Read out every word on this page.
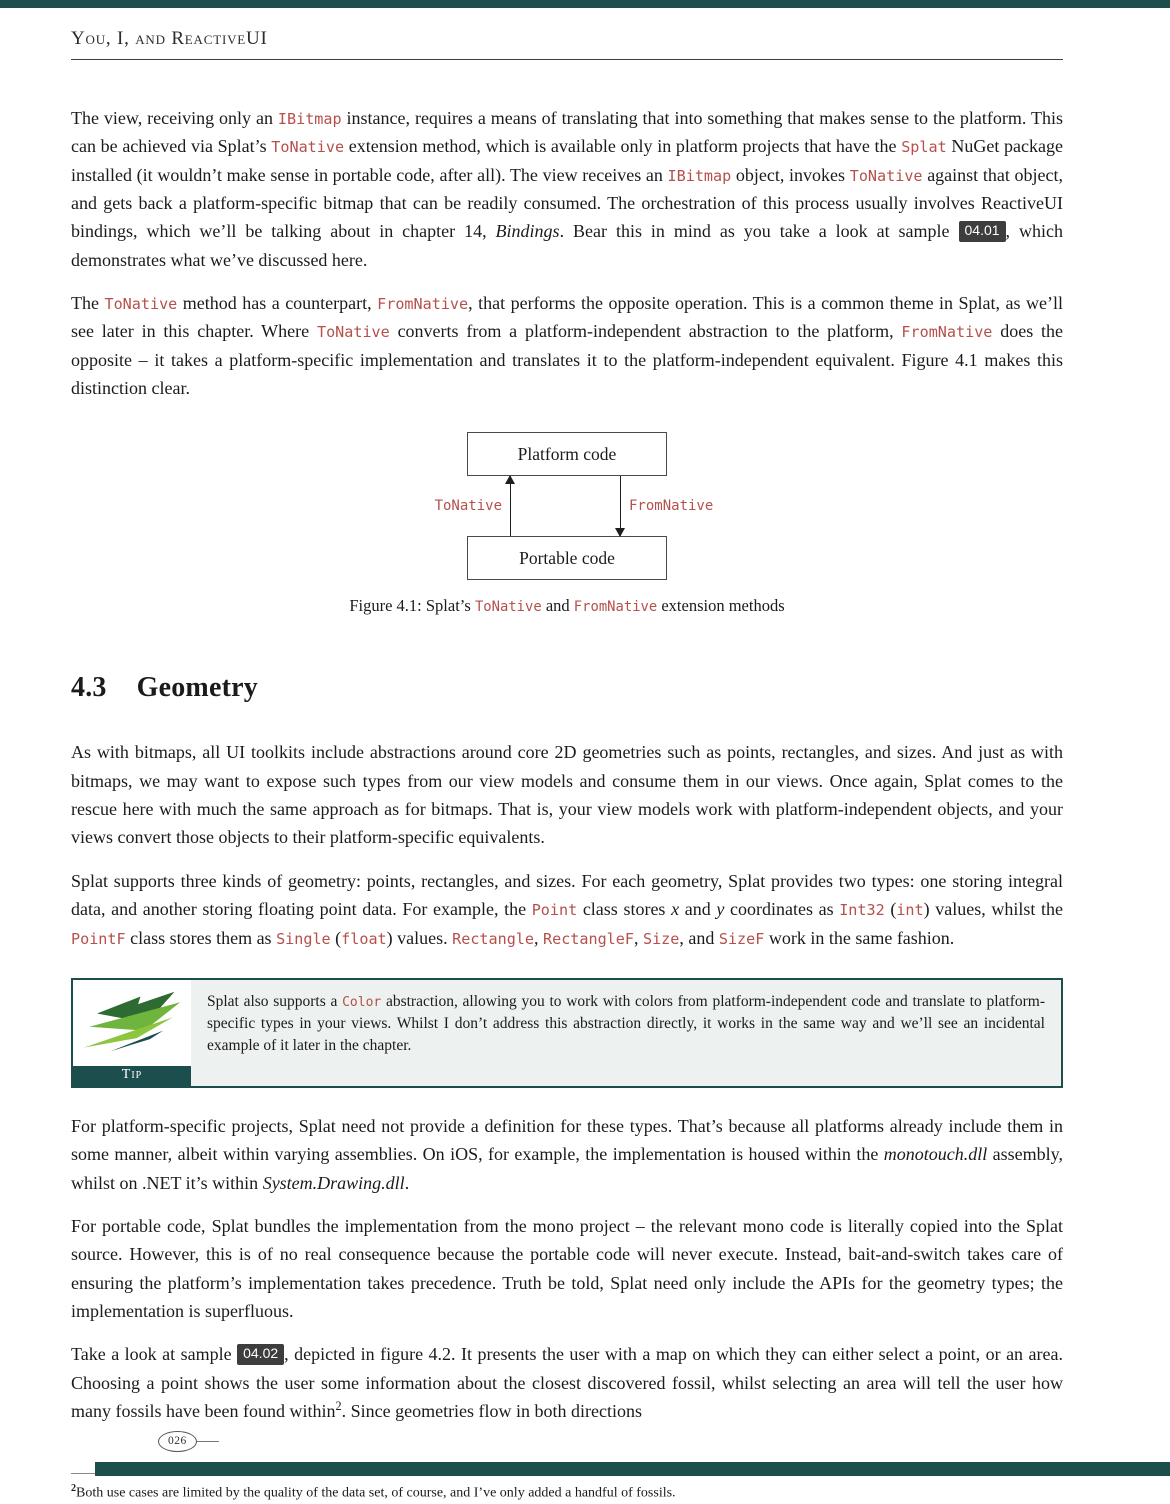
You, I, and ReactiveUI

The view, receiving only an IBitmap instance, requires a means of translating that into something that makes sense to the platform. This can be achieved via Splat’s ToNative extension method, which is available only in platform projects that have the Splat NuGet package installed (it wouldn’t make sense in portable code, after all). The view receives an IBitmap object, invokes ToNative against that object, and gets back a platform-specific bitmap that can be readily consumed. The orchestration of this process usually involves ReactiveUI bindings, which we’ll be talking about in chapter 14, Bindings. Bear this in mind as you take a look at sample 04.01 , which demonstrates what we’ve discussed here.

The ToNative method has a counterpart, FromNative, that performs the opposite operation. This is a common theme in Splat, as we’ll see later in this chapter. Where ToNative converts from a platform-independent abstraction to the platform, FromNative does the opposite – it takes a platform-specific implementation and translates it to the platform-independent equivalent. Figure 4.1 makes this distinction clear.

Platform code
ToNative	FromNative
Portable code

Figure 4.1: Splat’s ToNative and FromNative extension methods

4.3 Geometry

As with bitmaps, all UI toolkits include abstractions around core 2D geometries such as points, rectangles, and sizes. And just as with bitmaps, we may want to expose such types from our view models and consume them in our views. Once again, Splat comes to the rescue here with much the same approach as for bitmaps. That is, your view models work with platform-independent objects, and your views convert those objects to their platform-specific equivalents.

Splat supports three kinds of geometry: points, rectangles, and sizes. For each geometry, Splat provides two types: one storing integral data, and another storing floating point data. For example, the Point class stores x and y coordinates as Int32 (int) values, whilst the PointF class stores them as Single (float) values. Rectangle, RectangleF, Size, and SizeF work in the same fashion.

Tip
Splat also supports a Color abstraction, allowing you to work with colors from platform-independent code and translate to platform-specific types in your views. Whilst I don’t address this abstraction directly, it works in the same way and we’ll see an incidental example of it later in the chapter.

For platform-specific projects, Splat need not provide a definition for these types. That’s because all platforms already include them in some manner, albeit within varying assemblies. On iOS, for example, the implementation is housed within the monotouch.dll assembly, whilst on .NET it’s within System.Drawing.dll.

For portable code, Splat bundles the implementation from the mono project – the relevant mono code is literally copied into the Splat source. However, this is of no real consequence because the portable code will never execute. Instead, bait-and-switch takes care of ensuring the platform’s implementation takes precedence. Truth be told, Splat need only include the APIs for the geometry types; the implementation is superfluous.

Take a look at sample 04.02 , depicted in figure 4.2. It presents the user with a map on which they can either select a point, or an area. Choosing a point shows the user some information about the closest discovered fossil, whilst selecting an area will tell the user how many fossils have been found within$^2$. Since geometries flow in both directions

$^2$Both use cases are limited by the quality of the data set, of course, and I’ve only added a handful of fossils.
026
